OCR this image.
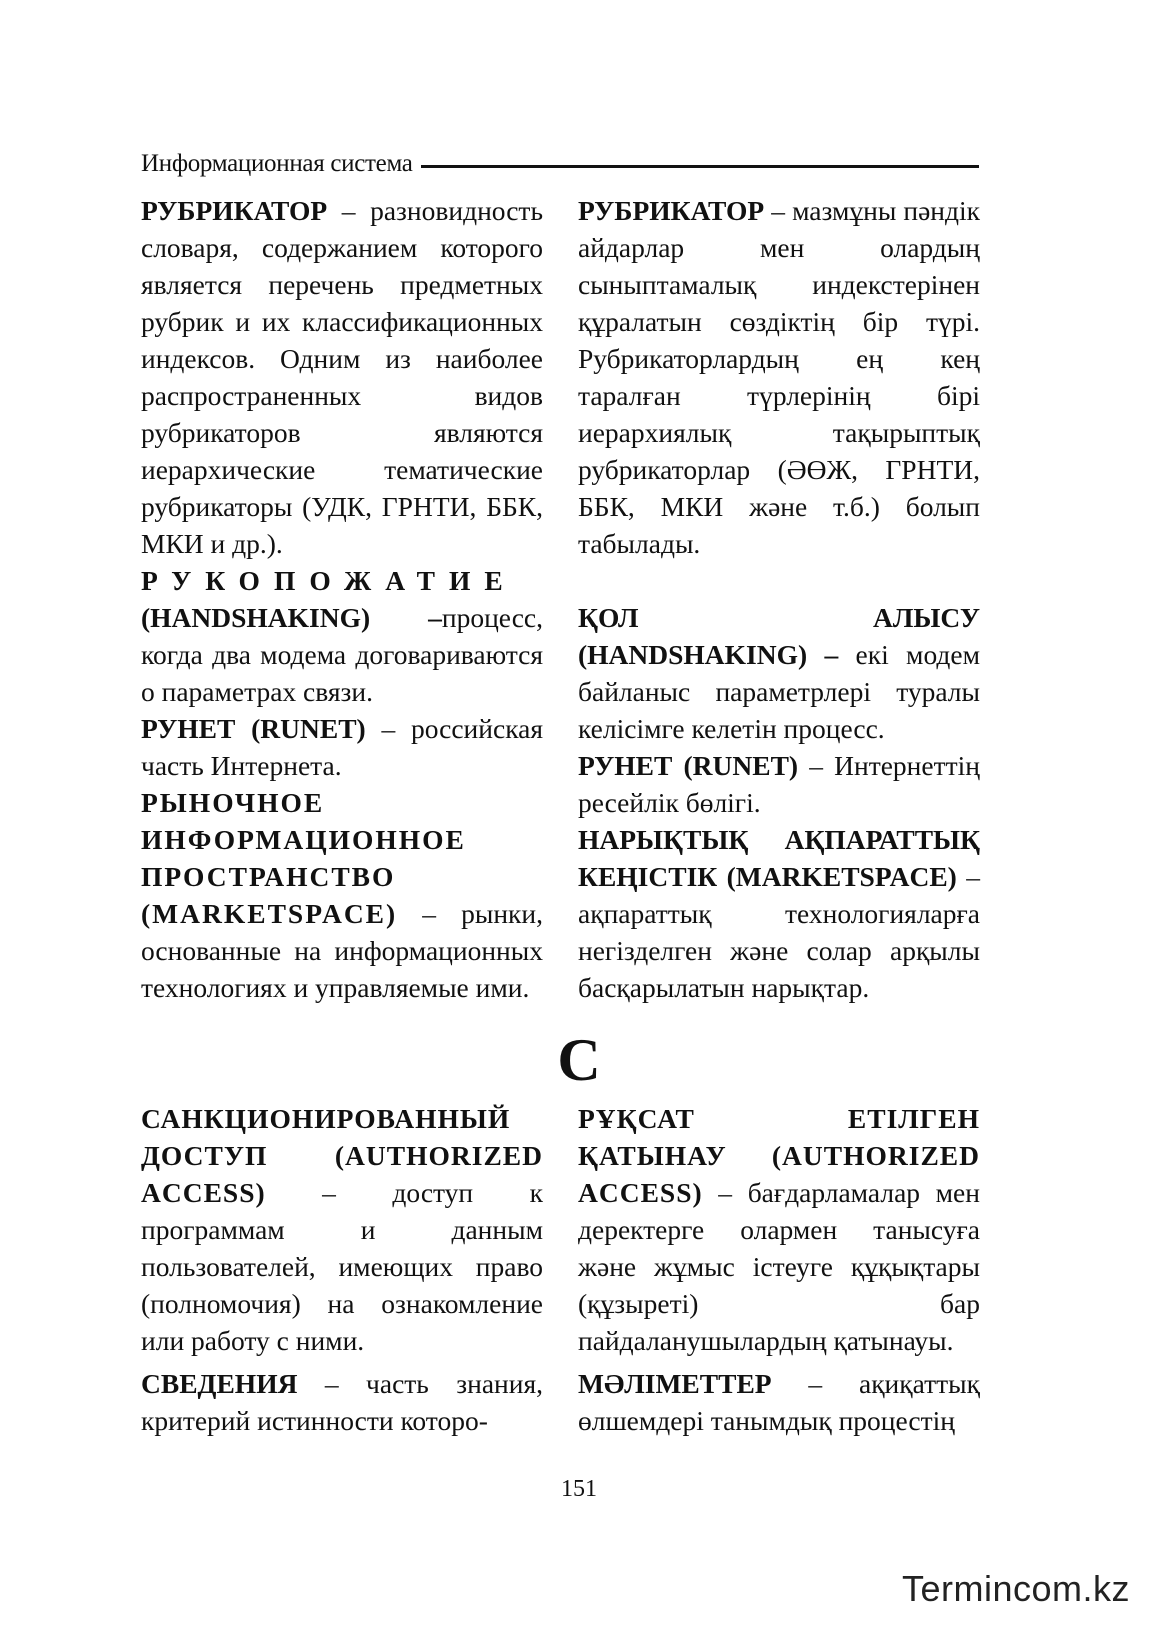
Информационная система

РУБРИКАТОР – разновидность словаря, содержанием которого является перечень предметных рубрик и их классификационных индексов. Одним из наиболее распространенных видов рубрикаторов являются иерархические тематические рубрикаторы (УДК, ГРНТИ, ББК, МКИ и др.).

РУКОПОЖАТИЕ
(HANDSHAKING) –процесс, когда два модема договариваются о параметрах связи.

РУНЕТ (RUNET) – российская часть Интернета.

РЫНОЧНОЕ ИНФОРМАЦИОННОЕ ПРОСТРАНСТВО (MARKETSPACE) – рынки, основанные на информационных технологиях и управляемые ими.

РУБРИКАТОР – мазмұны пәндік айдарлар мен олардың сыныптамалық индекстерінен құралатын сөздіктің бір түрі. Рубрикаторлардың ең кең таралған түрлерінің бірі иерархиялық тақырыптық рубрикаторлар (ӘӨЖ, ГРНТИ, ББК, МКИ және т.б.) болып табылады.

ҚОЛ АЛЫСУ (HANDSHAKING) – екі модем байланыс параметрлері туралы келісімге келетін процесс.

РУНЕТ (RUNET) – Интернеттің ресейлік бөлігі.

НАРЫҚТЫҚ АҚПАРАТТЫҚ КЕҢІСТІК (MARKETSPACE) – ақпараттық технологияларға негізделген және солар арқылы басқарылатын нарықтар.

С

САНКЦИОНИРОВАННЫЙ ДОСТУП (AUTHORIZED ACCESS) – доступ к программам и данным пользователей, имеющих право (полномочия) на ознакомление или работу с ними.

СВЕДЕНИЯ – часть знания, критерий истинности которо-

РҰҚСАТ ЕТІЛГЕН ҚАТЫНАУ (AUTHORIZED ACCESS) – бағдарламалар мен деректерге олармен танысуға және жұмыс істеуге құқықтары (құзыреті) бар пайдаланушылардың қатынауы.

МӘЛІМЕТТЕР – ақиқаттық өлшемдері танымдық процестің

151
Termincom.kz
